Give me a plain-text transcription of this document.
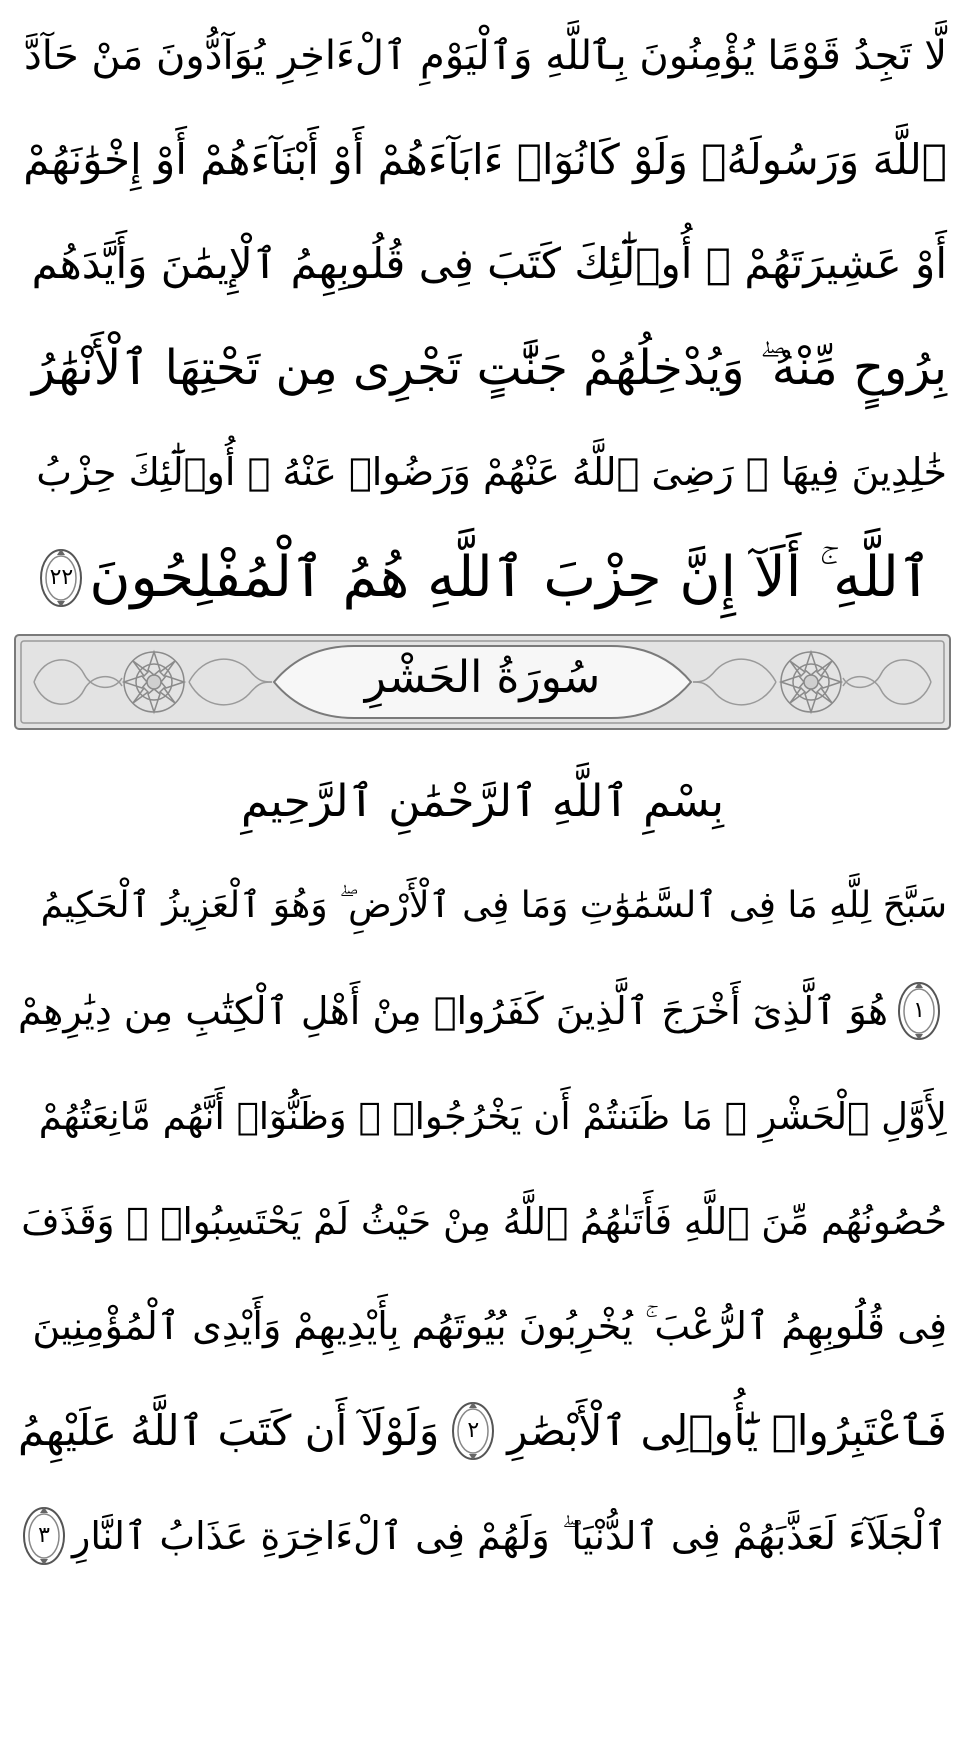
لَّا تَجِدُ قَوْمًا يُؤْمِنُونَ بِٱللَّهِ وَٱلْيَوْمِ ٱلْءَاخِرِ يُوَآدُّونَ مَنْ حَآدَّ
ٱللَّهَ وَرَسُولَهُۥ وَلَوْ كَانُوٓا۟ ءَابَآءَهُمْ أَوْ أَبْنَآءَهُمْ أَوْ إِخْوَٰنَهُمْ
أَوْ عَشِيرَتَهُمْ ۚ أُو۟لَٰٓئِكَ كَتَبَ فِى قُلُوبِهِمُ ٱلْإِيمَٰنَ وَأَيَّدَهُم
بِرُوحٍ مِّنْهُ ۖ وَيُدْخِلُهُمْ جَنَّٰتٍ تَجْرِى مِن تَحْتِهَا ٱلْأَنْهَٰرُ
خَٰلِدِينَ فِيهَا ۚ رَضِىَ ٱللَّهُ عَنْهُمْ وَرَضُوا۟ عَنْهُ ۚ أُو۟لَٰٓئِكَ حِزْبُ
ٱللَّهِ ۚ أَلَآ إِنَّ حِزْبَ ٱللَّهِ هُمُ ٱلْمُفْلِحُونَ
٢٢
سُورَةُ الحَشْرِ
بِسْمِ ٱللَّهِ ٱلرَّحْمَٰنِ ٱلرَّحِيمِ
سَبَّحَ لِلَّهِ مَا فِى ٱلسَّمَٰوَٰتِ وَمَا فِى ٱلْأَرْضِ ۖ وَهُوَ ٱلْعَزِيزُ ٱلْحَكِيمُ
١
هُوَ ٱلَّذِىٓ أَخْرَجَ ٱلَّذِينَ كَفَرُوا۟ مِنْ أَهْلِ ٱلْكِتَٰبِ مِن دِيَٰرِهِمْ
لِأَوَّلِ ٱلْحَشْرِ ۚ مَا ظَنَنتُمْ أَن يَخْرُجُوا۟ ۖ وَظَنُّوٓا۟ أَنَّهُم مَّانِعَتُهُمْ
حُصُونُهُم مِّنَ ٱللَّهِ فَأَتَىٰهُمُ ٱللَّهُ مِنْ حَيْثُ لَمْ يَحْتَسِبُوا۟ ۖ وَقَذَفَ
فِى قُلُوبِهِمُ ٱلرُّعْبَ ۚ يُخْرِبُونَ بُيُوتَهُم بِأَيْدِيهِمْ وَأَيْدِى ٱلْمُؤْمِنِينَ
فَٱعْتَبِرُوا۟ يَٰٓأُو۟لِى ٱلْأَبْصَٰرِ
٢
وَلَوْلَآ أَن كَتَبَ ٱللَّهُ عَلَيْهِمُ
ٱلْجَلَآءَ لَعَذَّبَهُمْ فِى ٱلدُّنْيَا ۖ وَلَهُمْ فِى ٱلْءَاخِرَةِ عَذَابُ ٱلنَّارِ
٣
